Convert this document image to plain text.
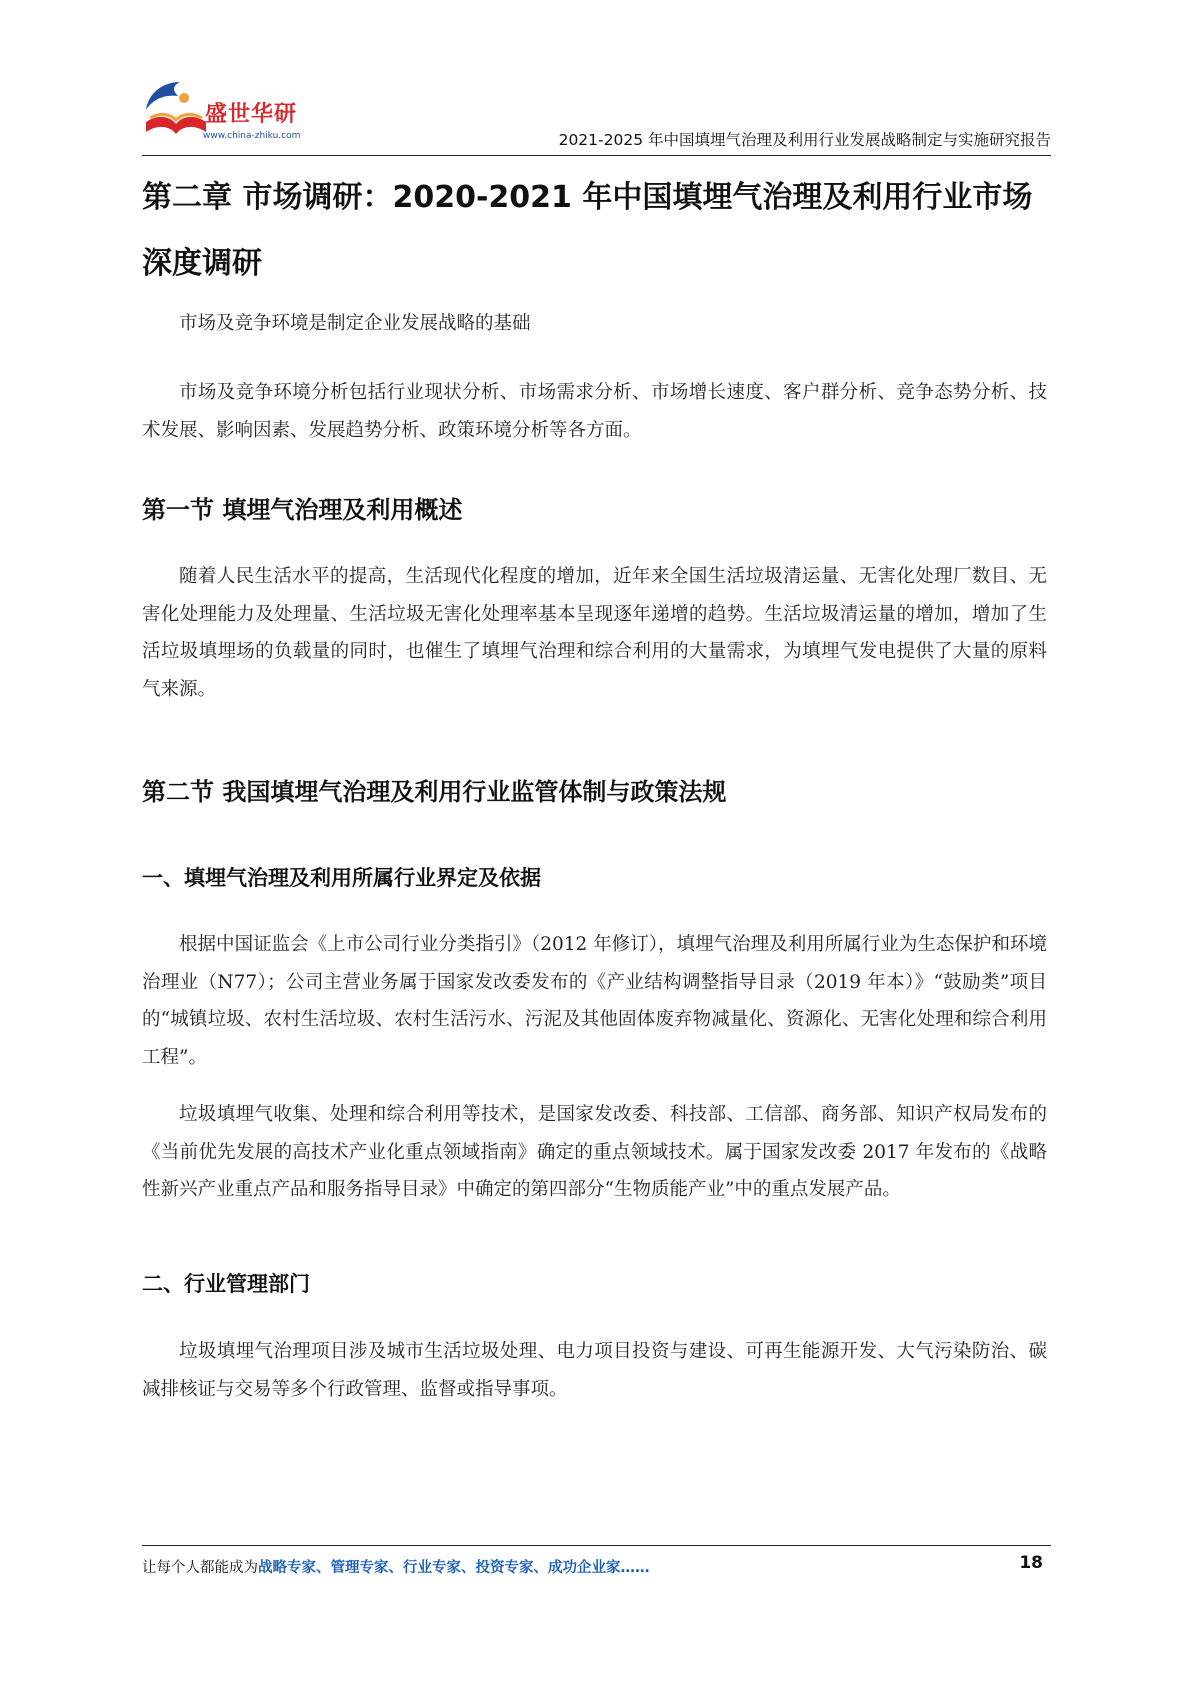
盛世华研
www.china-zhiku.com	2021-2025 年中国填埋气治理及利用行业发展战略制定与实施研究报告
第二章 市场调研：2020-2021 年中国填埋气治理及利用行业市场深度调研

市场及竞争环境是制定企业发展战略的基础

市场及竞争环境分析包括行业现状分析、市场需求分析、市场增长速度、客户群分析、竞争态势分析、技术发展、影响因素、发展趋势分析、政策环境分析等各方面。

第一节 填埋气治理及利用概述

随着人民生活水平的提高，生活现代化程度的增加，近年来全国生活垃圾清运量、无害化处理厂数目、无害化处理能力及处理量、生活垃圾无害化处理率基本呈现逐年递增的趋势。生活垃圾清运量的增加，增加了生活垃圾填埋场的负载量的同时，也催生了填埋气治理和综合利用的大量需求，为填埋气发电提供了大量的原料气来源。

第二节 我国填埋气治理及利用行业监管体制与政策法规
一、填埋气治理及利用所属行业界定及依据

根据中国证监会《上市公司行业分类指引》（2012 年修订），填埋气治理及利用所属行业为生态保护和环境治理业（N77）；公司主营业务属于国家发改委发布的《产业结构调整指导目录（2019 年本）》“鼓励类”项目的“城镇垃圾、农村生活垃圾、农村生活污水、污泥及其他固体废弃物减量化、资源化、无害化处理和综合利用工程”。

垃圾填埋气收集、处理和综合利用等技术，是国家发改委、科技部、工信部、商务部、知识产权局发布的《当前优先发展的高技术产业化重点领域指南》确定的重点领域技术。属于国家发改委 2017 年发布的《战略性新兴产业重点产品和服务指导目录》中确定的第四部分“生物质能产业”中的重点发展产品。

二、行业管理部门

垃圾填埋气治理项目涉及城市生活垃圾处理、电力项目投资与建设、可再生能源开发、大气污染防治、碳减排核证与交易等多个行政管理、监督或指导事项。

让每个人都能成为战略专家、管理专家、行业专家、投资专家、成功企业家……	18
